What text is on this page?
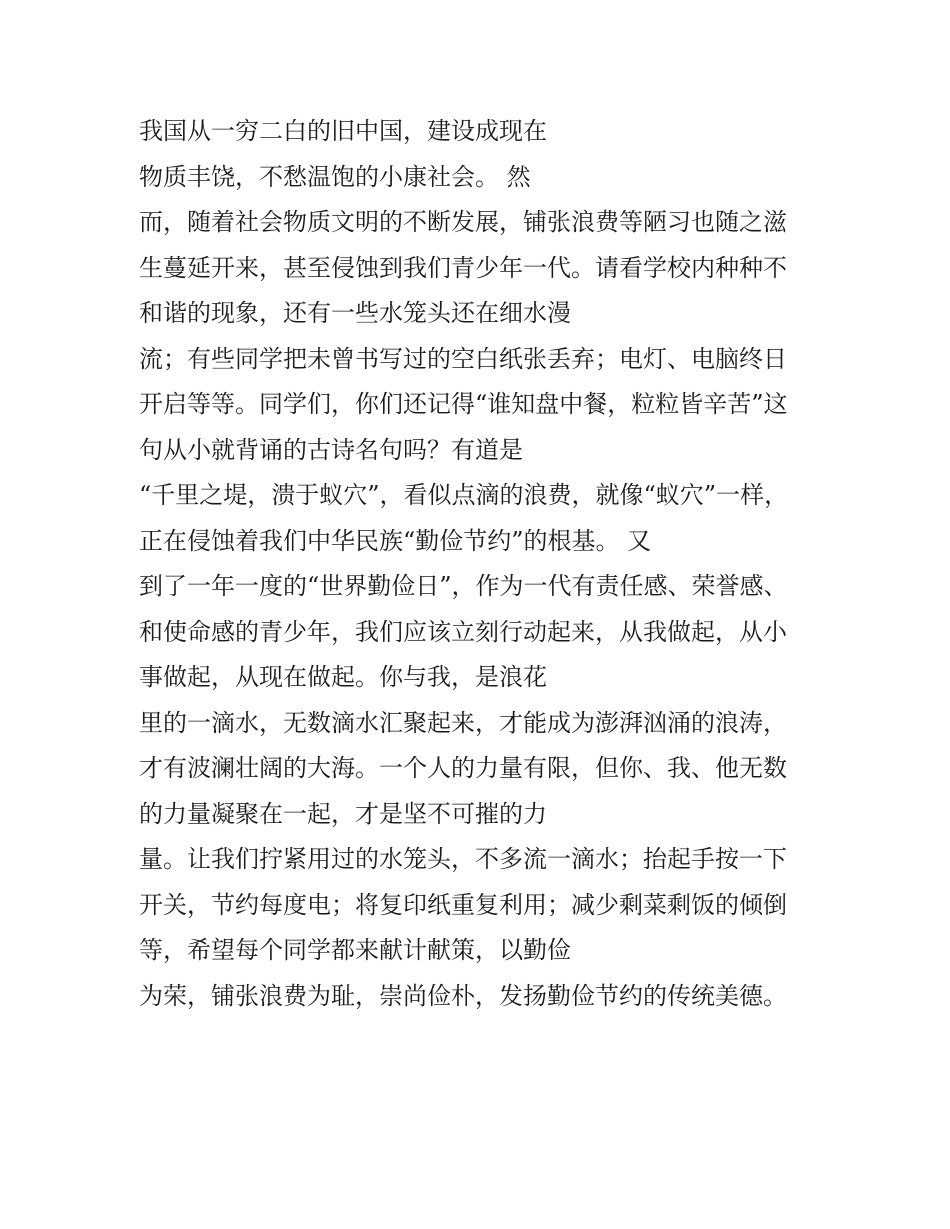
我国从一穷二白的旧中国，建设成现在
物质丰饶，不愁温饱的小康社会。 然
而，随着社会物质文明的不断发展，铺张浪费等陋习也随之滋
生蔓延开来，甚至侵蚀到我们青少年一代。请看学校内种种不
和谐的现象，还有一些水笼头还在细水漫
流；有些同学把未曾书写过的空白纸张丢弃；电灯、电脑终日
开启等等。同学们，你们还记得“谁知盘中餐，粒粒皆辛苦”这
句从小就背诵的古诗名句吗？有道是
“千里之堤，溃于蚁穴”，看似点滴的浪费，就像“蚁穴”一样，
正在侵蚀着我们中华民族“勤俭节约”的根基。 又
到了一年一度的“世界勤俭日”，作为一代有责任感、荣誉感、
和使命感的青少年，我们应该立刻行动起来，从我做起，从小
事做起，从现在做起。你与我，是浪花
里的一滴水，无数滴水汇聚起来，才能成为澎湃汹涌的浪涛，
才有波澜壮阔的大海。一个人的力量有限，但你、我、他无数
的力量凝聚在一起，才是坚不可摧的力
量。让我们拧紧用过的水笼头，不多流一滴水；抬起手按一下
开关，节约每度电；将复印纸重复利用；减少剩菜剩饭的倾倒
等，希望每个同学都来献计献策，以勤俭
为荣，铺张浪费为耻，崇尚俭朴，发扬勤俭节约的传统美德。
